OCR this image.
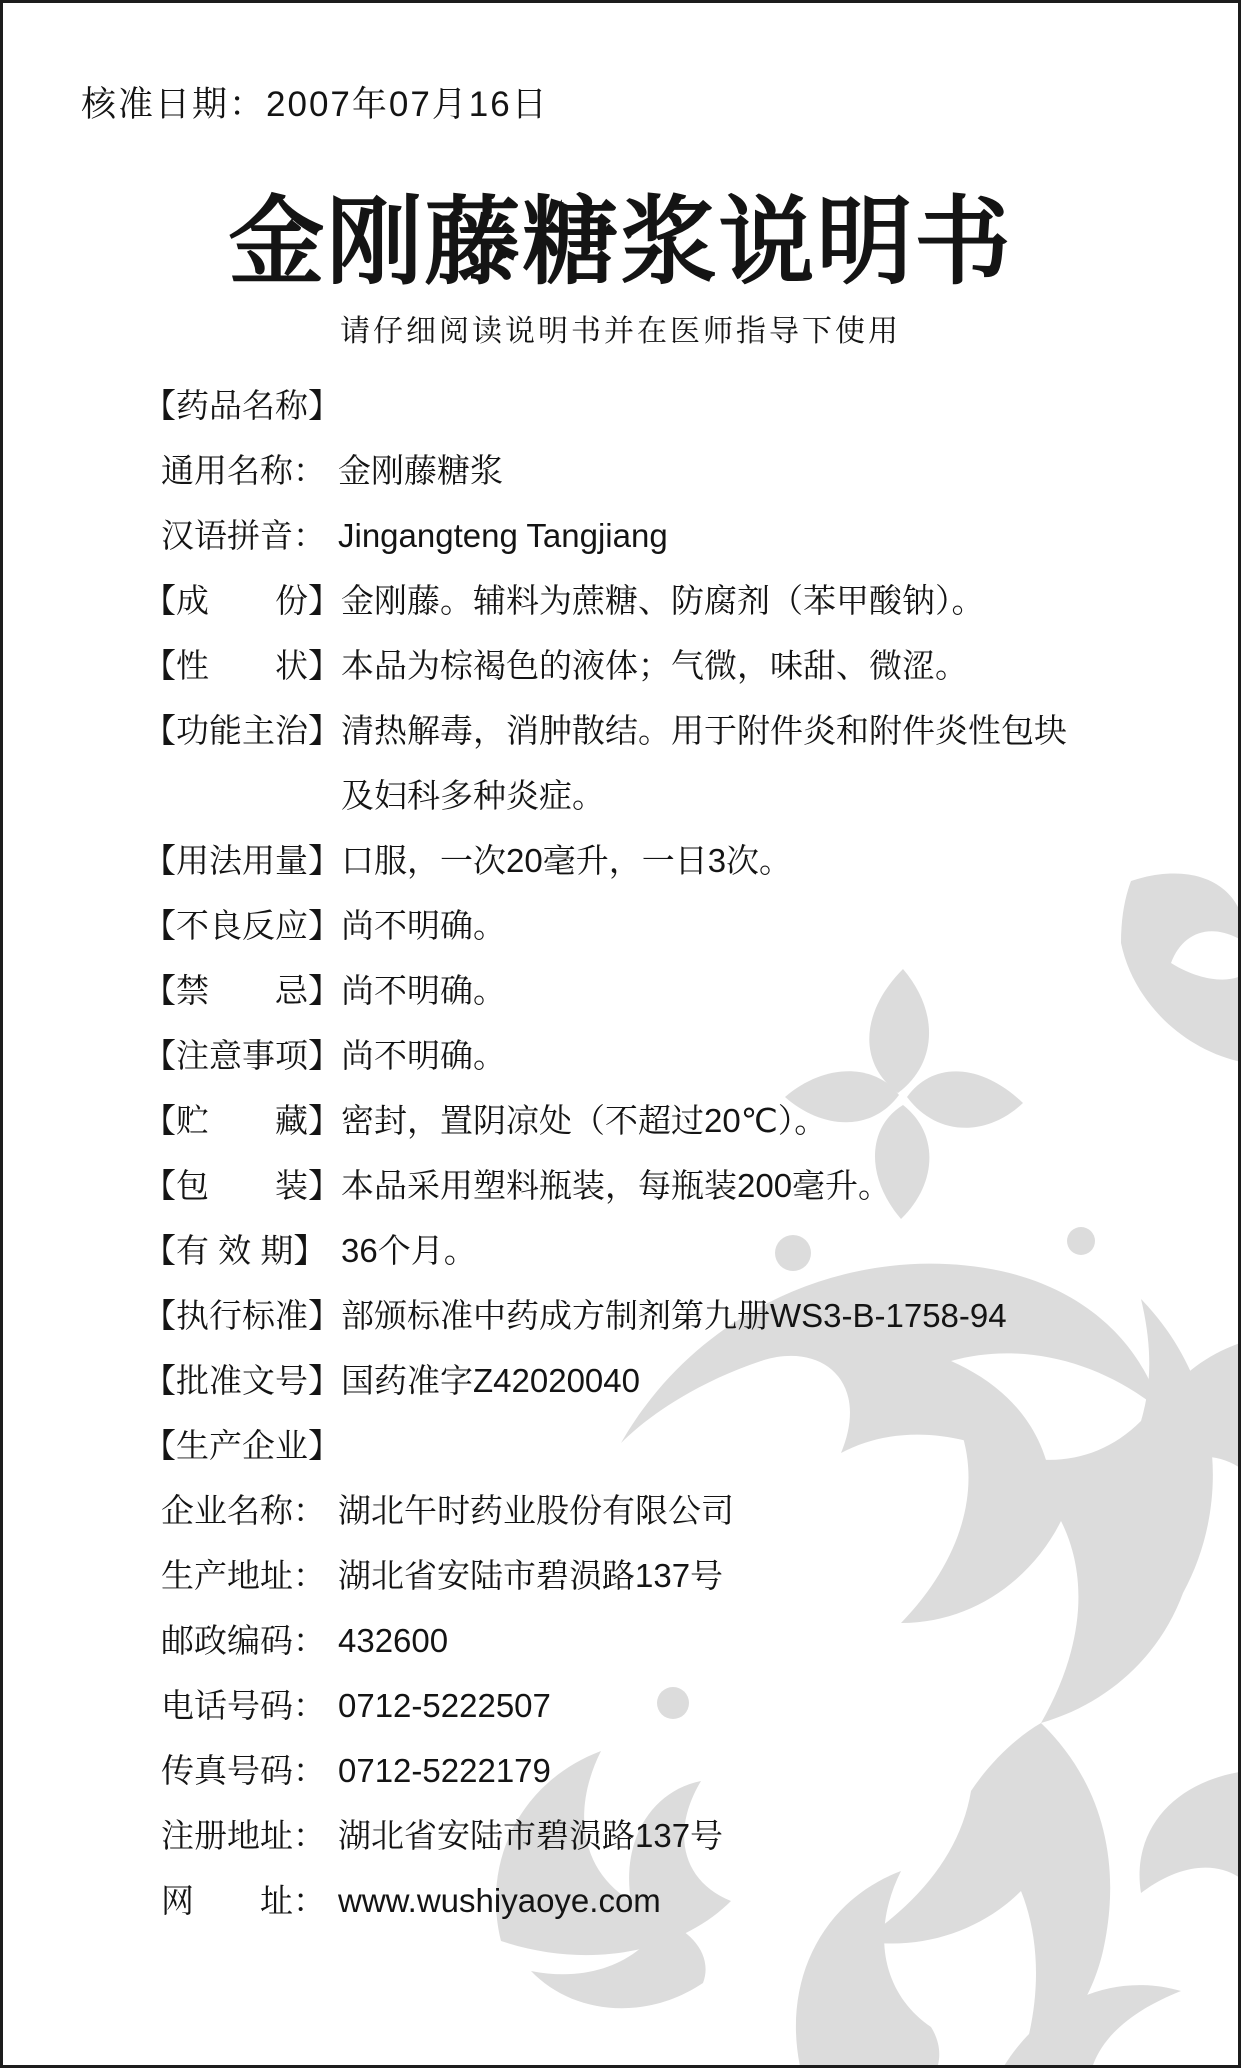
核准日期：2007年07月16日
金刚藤糖浆说明书
请仔细阅读说明书并在医师指导下使用
【药品名称】
通用名称： 金刚藤糖浆
汉语拼音： Jingangteng Tangjiang
【成　　份】 金刚藤。辅料为蔗糖、防腐剂（苯甲酸钠）。
【性　　状】 本品为棕褐色的液体；气微，味甜、微涩。
【功能主治】 清热解毒，消肿散结。用于附件炎和附件炎性包块及妇科多种炎症。
【用法用量】 口服，一次20毫升，一日3次。
【不良反应】 尚不明确。
【禁　　忌】 尚不明确。
【注意事项】 尚不明确。
【贮　　藏】 密封，置阴凉处（不超过20℃）。
【包　　装】 本品采用塑料瓶装，每瓶装200毫升。
【有 效 期】 36个月。
【执行标准】 部颁标准中药成方制剂第九册WS3-B-1758-94
【批准文号】 国药准字Z42020040
【生产企业】
企业名称： 湖北午时药业股份有限公司
生产地址： 湖北省安陆市碧涢路137号
邮政编码： 432600
电话号码： 0712-5222507
传真号码： 0712-5222179
注册地址： 湖北省安陆市碧涢路137号
网　　址： www.wushiyaoye.com
